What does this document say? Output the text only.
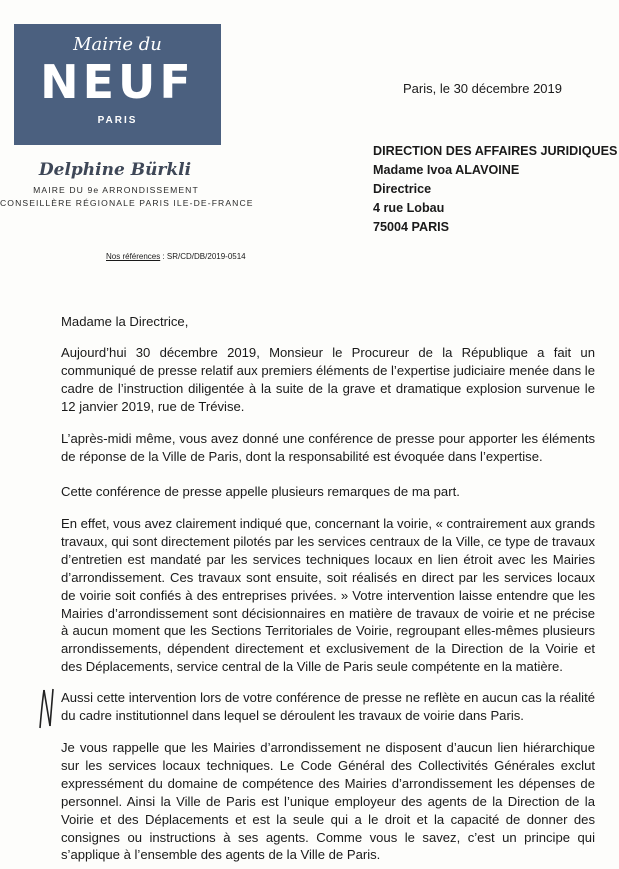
Mairie du
NEUF
PARIS
Delphine Bürkli
MAIRE DU 9e ARRONDISSEMENT
CONSEILLÈRE RÉGIONALE PARIS ILE-DE-FRANCE
Paris, le 30 décembre 2019
DIRECTION DES AFFAIRES JURIDIQUES
Madame Ivoa ALAVOINE
Directrice
4 rue Lobau
75004 PARIS
Nos références : SR/CD/DB/2019-0514
Madame la Directrice,
Aujourd’hui 30 décembre 2019, Monsieur le Procureur de la République a fait un communiqué de presse relatif aux premiers éléments de l’expertise judiciaire menée dans le cadre de l’instruction diligentée à la suite de la grave et dramatique explosion survenue le 12 janvier 2019, rue de Trévise.
L’après-midi même, vous avez donné une conférence de presse pour apporter les éléments de réponse de la Ville de Paris, dont la responsabilité est évoquée dans l’expertise.
Cette conférence de presse appelle plusieurs remarques de ma part.
En effet, vous avez clairement indiqué que, concernant la voirie, « contrairement aux grands travaux, qui sont directement pilotés par les services centraux de la Ville, ce type de travaux d’entretien est mandaté par les services techniques locaux en lien étroit avec les Mairies d’arrondissement. Ces travaux sont ensuite, soit réalisés en direct par les services locaux de voirie soit confiés à des entreprises privées. » Votre intervention laisse entendre que les Mairies d’arrondissement sont décisionnaires en matière de travaux de voirie et ne précise à aucun moment que les Sections Territoriales de Voirie, regroupant elles-mêmes plusieurs arrondissements, dépendent directement et exclusivement de la Direction de la Voirie et des Déplacements, service central de la Ville de Paris seule compétente en la matière.
Aussi cette intervention lors de votre conférence de presse ne reflète en aucun cas la réalité du cadre institutionnel dans lequel se déroulent les travaux de voirie dans Paris.
Je vous rappelle que les Mairies d’arrondissement ne disposent d’aucun lien hiérarchique sur les services locaux techniques. Le Code Général des Collectivités Générales exclut expressément du domaine de compétence des Mairies d’arrondissement les dépenses de personnel. Ainsi la Ville de Paris est l’unique employeur des agents de la Direction de la Voirie et des Déplacements et est la seule qui a le droit et la capacité de donner des consignes ou instructions à ses agents. Comme vous le savez, c’est un principe qui s’applique à l’ensemble des agents de la Ville de Paris.
